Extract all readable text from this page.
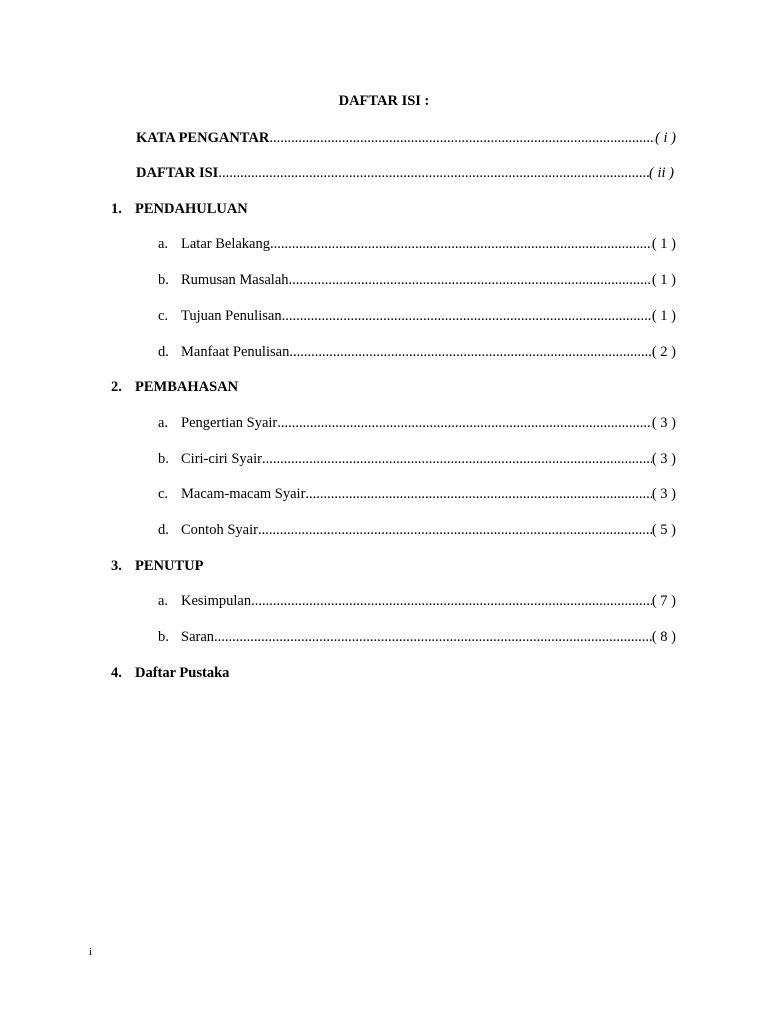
DAFTAR ISI :
KATA PENGANTAR .....	( i )
DAFTAR ISI .....	( ii )
1. PENDAHULUAN
a. Latar Belakang .....	( 1 )
b. Rumusan Masalah .....	( 1 )
c. Tujuan Penulisan .....	( 1 )
d. Manfaat Penulisan .....	( 2 )
2. PEMBAHASAN
a. Pengertian Syair .....	( 3 )
b. Ciri-ciri Syair .....	( 3 )
c. Macam-macam Syair .....	( 3 )
d. Contoh Syair .....	( 5 )
3. PENUTUP
a. Kesimpulan .....	( 7 )
b. Saran .....	( 8 )
4. Daftar Pustaka
i
